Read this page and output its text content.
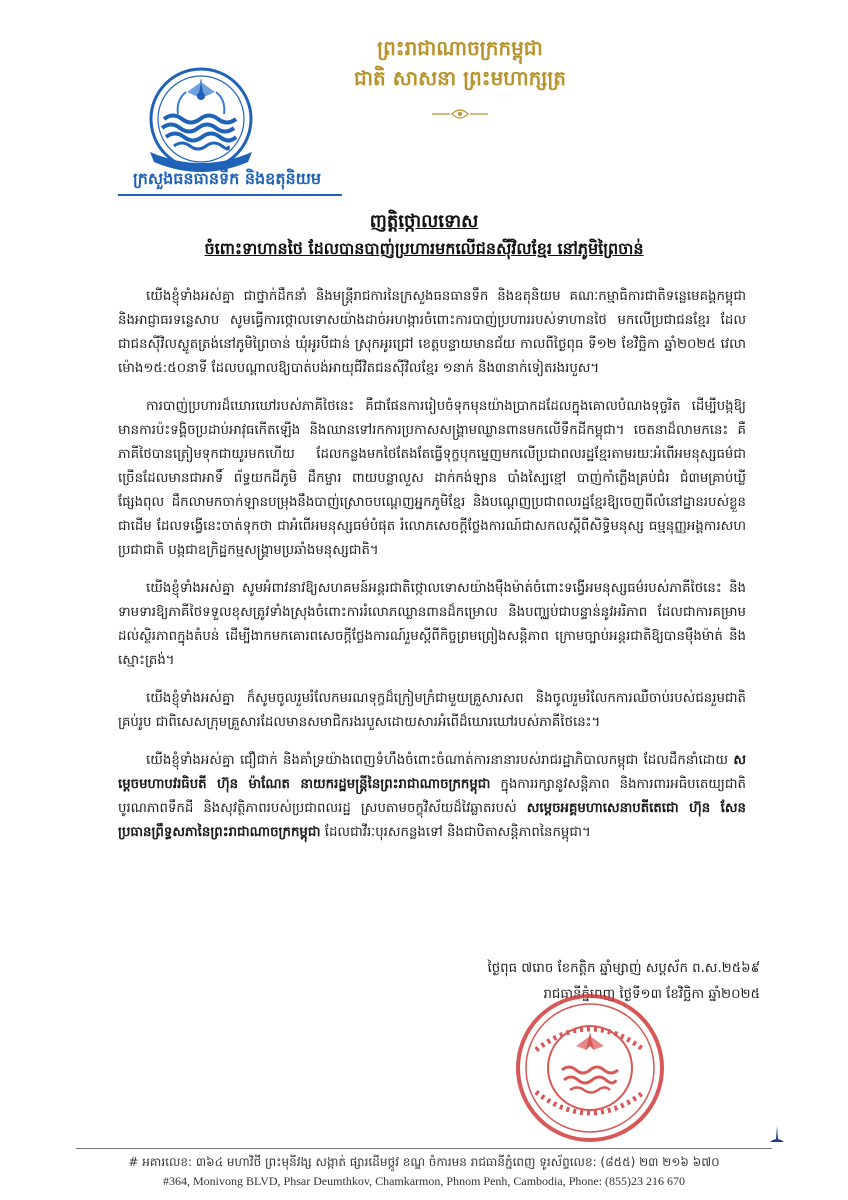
ក្រសួងធនធានទឹក និងឧតុនិយម
ព្រះរាជាណាចក្រកម្ពុជា
ជាតិ សាសនា ព្រះមហាក្សត្រ
ញត្តិថ្កោលទោស
ចំពោះទាហានថៃ ដែលបានបាញ់ប្រហារមកលើជនស៊ីវិលខ្មែរ នៅភូមិព្រៃចាន់

យើងខ្ញុំទាំងអស់គ្នា ជាថ្នាក់ដឹកនាំ និងមន្ត្រីរាជការនៃក្រសួងធនធានទឹក និងឧតុនិយម គណៈកម្មាធិការជាតិទន្លេមេគង្គកម្ពុជា និងអាជ្ញាធរទន្លេសាប សូមធ្វើការថ្កោលទោសយ៉ាងដាច់អហង្ការចំពោះការបាញ់ប្រហាររបស់ទាហានថៃ មកលើប្រជាជនខ្មែរ ដែលជាជនស៊ីវិលស្លូតត្រង់នៅភូមិព្រៃចាន់ ឃុំអូរបីជាន់ ស្រុកអូរជ្រៅ ខេត្តបន្ទាយមានជ័យ កាលពីថ្ងៃពុធ ទី១២ ខែវិច្ឆិកា ឆ្នាំ២០២៥ វេលាម៉ោង១៥:៥០នាទី ដែលបណ្តាលឱ្យបាត់បង់អាយុជីវិតជនស៊ីវិលខ្មែរ ១នាក់ និង៣នាក់ទៀតរងរបួស។

ការបាញ់ប្រហារដ៏ឃោរឃៅរបស់ភាគីថៃនេះ គឺជាផែនការរៀបចំទុកមុនយ៉ាងប្រាកដដែលក្នុងគោលបំណងទុច្ចរិត ដើម្បីបង្កឱ្យមានការប៉ះទង្គិចប្រដាប់អាវុធកើតឡើង និងឈានទៅរកការប្រកាសសង្គ្រាមឈ្លានពានមកលើទឹកដីកម្ពុជា។ ចេតនាដ៏លាមកនេះ គឺភាគីថៃបានត្រៀមទុកជាយូរមកហើយ ដែលកន្លងមកថៃតែងតែធ្វើទុក្ខបុកម្នេញមកលើប្រជាពលរដ្ឋខ្មែរតាមរយៈអំពើអមនុស្សធម៌ជាច្រើនដែលមានជាអាទិ៍ ព័ទ្ធយកដីភូមិ ដឹកម្ចារ ពាយបន្លាលួស ដាក់កង់ឡាន បាំងស្បៃខ្មៅ បាញ់កាំភ្លើងគ្រប់ជំរ ជំ៣មគ្រាប់ឃ្លី ផ្សែងពុល ដឹកលាមកចាក់ឡានបម្រុងនឹងបាញ់ស្រោចបណ្តេញអ្នកភូមិខ្មែរ និងបណ្តេញប្រជាពលរដ្ឋខ្មែរឱ្យចេញពីលំនៅដ្ឋានរបស់ខ្លួនជាដើម ដែលទង្វើនេះចាត់ទុកថា ជាអំពើអមនុស្សធម៌បំផុត រំលោភសេចក្តីថ្លែងការណ៍ជាសកលស្តីពីសិទ្ធិមនុស្ស ធម្មនុញ្ញអង្គការសហប្រជាជាតិ បង្កជាឧក្រិដ្ឋកម្មសង្គ្រាមប្រឆាំងមនុស្សជាតិ។

យើងខ្ញុំទាំងអស់គ្នា សូមអំពាវនាវឱ្យសហគមន៍អន្តរជាតិថ្កោលទោសយ៉ាងម៉ឺងម៉ាត់ចំពោះទង្វើអមនុស្សធម៌របស់ភាគីថៃនេះ និងទាមទារឱ្យភាគីថៃទទួលខុសត្រូវទាំងស្រុងចំពោះការរំលោភឈ្លានពានដ៏កម្រោល និងបញ្ឈប់ជាបន្ទាន់នូវអរិភាព ដែលជាការគម្រាមដល់ស្ថិរភាពក្នុងតំបន់ ដើម្បីងាកមកគោរពសេចក្តីថ្លែងការណ៍រួមស្តីពីកិច្ចព្រមព្រៀងសន្តិភាព ក្រោមច្បាប់អន្តរជាតិឱ្យបានម៉ឺងម៉ាត់ និងស្មោះត្រង់។

យើងខ្ញុំទាំងអស់គ្នា ក៏សូមចូលរួមរំលែកមរណទុក្ខដ៏ក្រៀមក្រំជាមួយគ្រួសារសព និងចូលរួមរំលែកការឈឺចាប់របស់ជនរួមជាតិគ្រប់រូប ជាពិសេសក្រុមគ្រួសារដែលមានសមាជិករងរបួសដោយសារអំពើដ៏ឃោរឃៅរបស់ភាគីថៃនេះ។

យើងខ្ញុំទាំងអស់គ្នា ជឿជាក់ និងគាំទ្រយ៉ាងពេញទំហឹងចំពោះចំណាត់ការនានារបស់រាជរដ្ឋាភិបាលកម្ពុជា ដែលដឹកនាំដោយ សម្តេចមហាបវរធិបតី ហ៊ុន ម៉ាណែត នាយករដ្ឋមន្ត្រីនៃព្រះរាជាណាចក្រកម្ពុជា ក្នុងការរក្សានូវសន្តិភាព និងការពារអធិបតេយ្យជាតិ បូរណភាពទឹកដី និងសុវត្ថិភាពរបស់ប្រជាពលរដ្ឋ ស្របតាមចក្ខុវិស័យដ៏វៃឆ្លាតរបស់ សម្តេចអគ្គមហាសេនាបតីតេជោ ហ៊ុន សែន ប្រធានព្រឹទ្ធសភានៃព្រះរាជាណាចក្រកម្ពុជា ដែលជាវីរៈបុរសកន្លងទៅ និងជាបិតាសន្តិភាពនៃកម្ពុជា។

ថ្ងៃពុធ ៧រោច ខែកត្តិក ឆ្នាំម្សាញ់ សប្តស័ក ព.ស.២៥៦៩
រាជធានីភ្នំពេញ ថ្ងៃទី១៣ ខែវិច្ឆិកា ឆ្នាំ២០២៥
# អគារលេខ: ៣៦៤ មហាវិថី ព្រះមុនីវង្ស សង្កាត់ ផ្សារដើមថ្កូវ ខណ្ឌ ចំការមន រាជធានីភ្នំពេញ ទូរស័ព្ទលេខ: (៨៥៥) ២៣ ២១៦ ៦៧០
#364, Monivong BLVD, Phsar Deumthkov, Chamkarmon, Phnom Penh, Cambodia, Phone: (855)23 216 670
